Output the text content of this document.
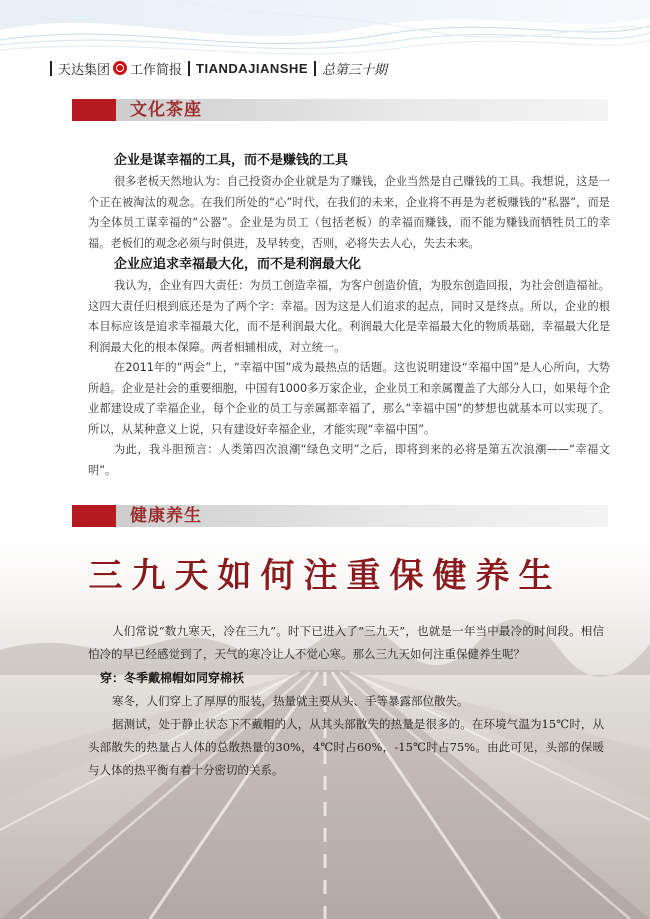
天达集团 工作简报 TIANDAJIANSHE 总第三十期
文化茶座
企业是谋幸福的工具，而不是赚钱的工具

很多老板天然地认为：自己投资办企业就是为了赚钱，企业当然是自己赚钱的工具。我想说，这是一个正在被淘汰的观念。在我们所处的“心”时代，在我们的未来，企业将不再是为老板赚钱的“私器”，而是为全体员工谋幸福的“公器”。企业是为员工（包括老板）的幸福而赚钱，而不能为赚钱而牺牲员工的幸福。老板们的观念必须与时俱进，及早转变，否则，必将失去人心，失去未来。

企业应追求幸福最大化，而不是利润最大化

我认为，企业有四大责任：为员工创造幸福，为客户创造价值，为股东创造回报，为社会创造福祉。这四大责任归根到底还是为了两个字：幸福。因为这是人们追求的起点，同时又是终点。所以，企业的根本目标应该是追求幸福最大化，而不是利润最大化。利润最大化是幸福最大化的物质基础，幸福最大化是利润最大化的根本保障。两者相辅相成，对立统一。

在2011年的“两会”上，“幸福中国”成为最热点的话题。这也说明建设“幸福中国”是人心所向，大势所趋。企业是社会的重要细胞，中国有1000多万家企业，企业员工和亲属覆盖了大部分人口，如果每个企业都建设成了幸福企业，每个企业的员工与亲属都幸福了，那么“幸福中国”的梦想也就基本可以实现了。所以，从某种意义上说，只有建设好幸福企业，才能实现“幸福中国”。

为此，我斗胆预言：人类第四次浪潮“绿色文明”之后，即将到来的必将是第五次浪潮——“幸福文明”。

健康养生
三九天如何注重保健养生

人们常说“数九寒天，冷在三九”。时下已进入了“三九天”，也就是一年当中最冷的时间段。相信怕冷的早已经感觉到了，天气的寒冷让人不觉心寒。那么三九天如何注重保健养生呢？

穿：冬季戴棉帽如同穿棉袄

寒冬，人们穿上了厚厚的服装，热量就主要从头、手等暴露部位散失。

据测试，处于静止状态下不戴帽的人，从其头部散失的热量是很多的。在环境气温为15℃时，从头部散失的热量占人体的总散热量的30%，4℃时占60%，-15℃时占75%。由此可见，头部的保暖与人体的热平衡有着十分密切的关系。
